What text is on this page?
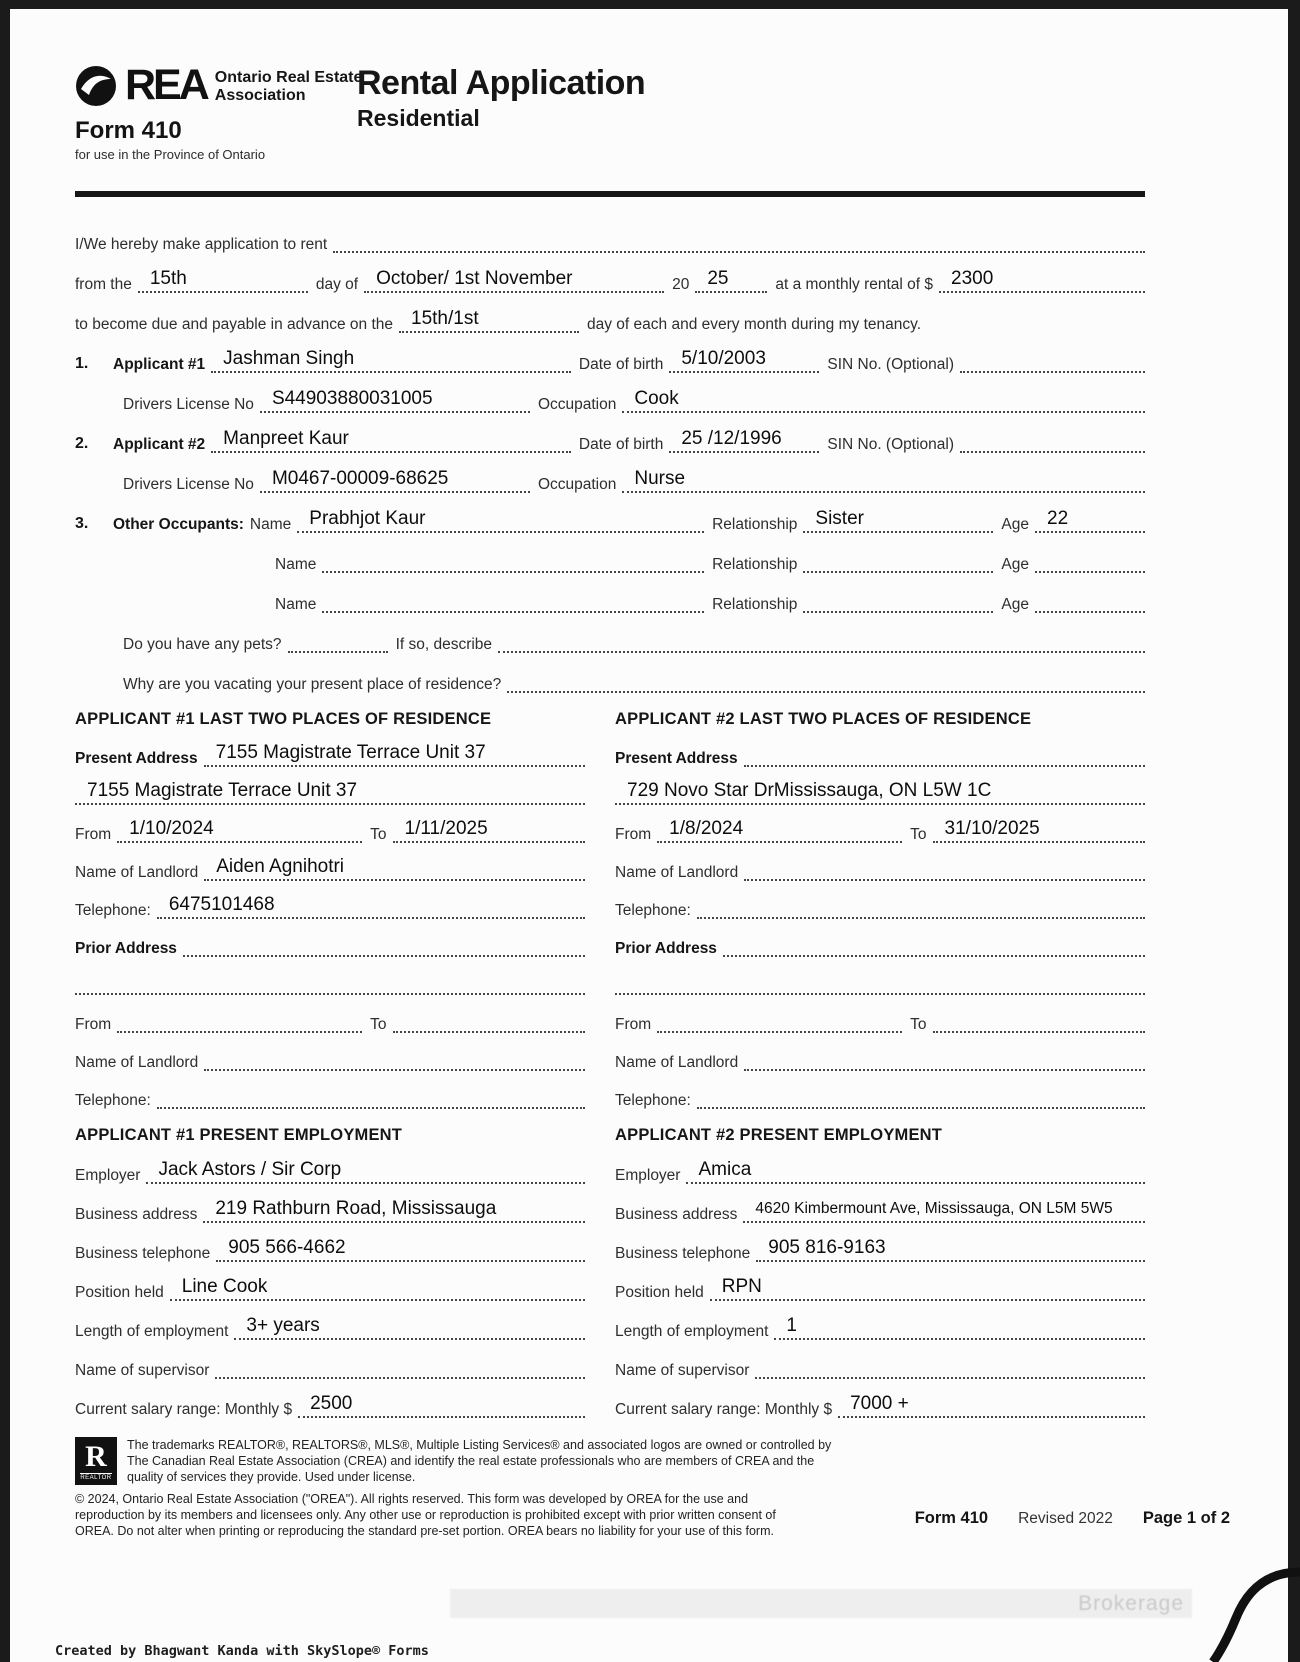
REA Ontario Real Estate
Association
Form 410
for use in the Province of Ontario
Rental Application
Residential
I/We hereby make application to rent
from the 15th	day of October/ 1st November	20 25	at a monthly rental of $ 2300
to become due and payable in advance on the 15th/1st	day of each and every month during my tenancy.
1.	Applicant #1 Jashman Singh	Date of birth 5/10/2003	SIN No. (Optional)
Drivers License No S44903880031005	Occupation Cook
2.	Applicant #2 Manpreet Kaur	Date of birth 25 /12/1996	SIN No. (Optional)
Drivers License No M0467-00009-68625	Occupation Nurse
3.	Other Occupants: Name Prabhjot Kaur	Relationship Sister	Age 22
Name	Relationship	Age
Name	Relationship	Age
Do you have any pets?	If so, describe
Why are you vacating your present place of residence?
APPLICANT #1 LAST TWO PLACES OF RESIDENCE
Present Address 7155 Magistrate Terrace Unit 37
7155 Magistrate Terrace Unit 37
From 1/10/2024	To 1/11/2025
Name of Landlord Aiden Agnihotri
Telephone: 6475101468
Prior Address
From	To
Name of Landlord
Telephone:
APPLICANT #2 LAST TWO PLACES OF RESIDENCE
Present Address
729 Novo Star DrMississauga, ON L5W 1C
From 1/8/2024	To 31/10/2025
Name of Landlord
Telephone:
Prior Address
From	To
Name of Landlord
Telephone:
APPLICANT #1 PRESENT EMPLOYMENT
Employer Jack Astors / Sir Corp
Business address 219 Rathburn Road, Mississauga
Business telephone 905 566-4662
Position held Line Cook
Length of employment 3+ years
Name of supervisor
Current salary range: Monthly $ 2500
APPLICANT #2 PRESENT EMPLOYMENT
Employer Amica
Business address	4620 Kimbermount Ave, Mississauga, ON L5M 5W5
Business telephone 905 816-9163
Position held RPN
Length of employment 1
Name of supervisor
Current salary range: Monthly $ 7000 +
R
REALTOR
The trademarks REALTOR®, REALTORS®, MLS®, Multiple Listing Services® and associated logos are owned or controlled by The Canadian Real Estate Association (CREA) and identify the real estate professionals who are members of CREA and the quality of services they provide. Used under license.
© 2024, Ontario Real Estate Association ("OREA"). All rights reserved. This form was developed by OREA for the use and reproduction by its members and licensees only. Any other use or reproduction is prohibited except with prior written consent of OREA. Do not alter when printing or reproducing the standard pre-set portion. OREA bears no liability for your use of this form.
Brokerage
Form 410 Revised 2022 Page 1 of 2
Created by Bhagwant Kanda with SkySlope® Forms
